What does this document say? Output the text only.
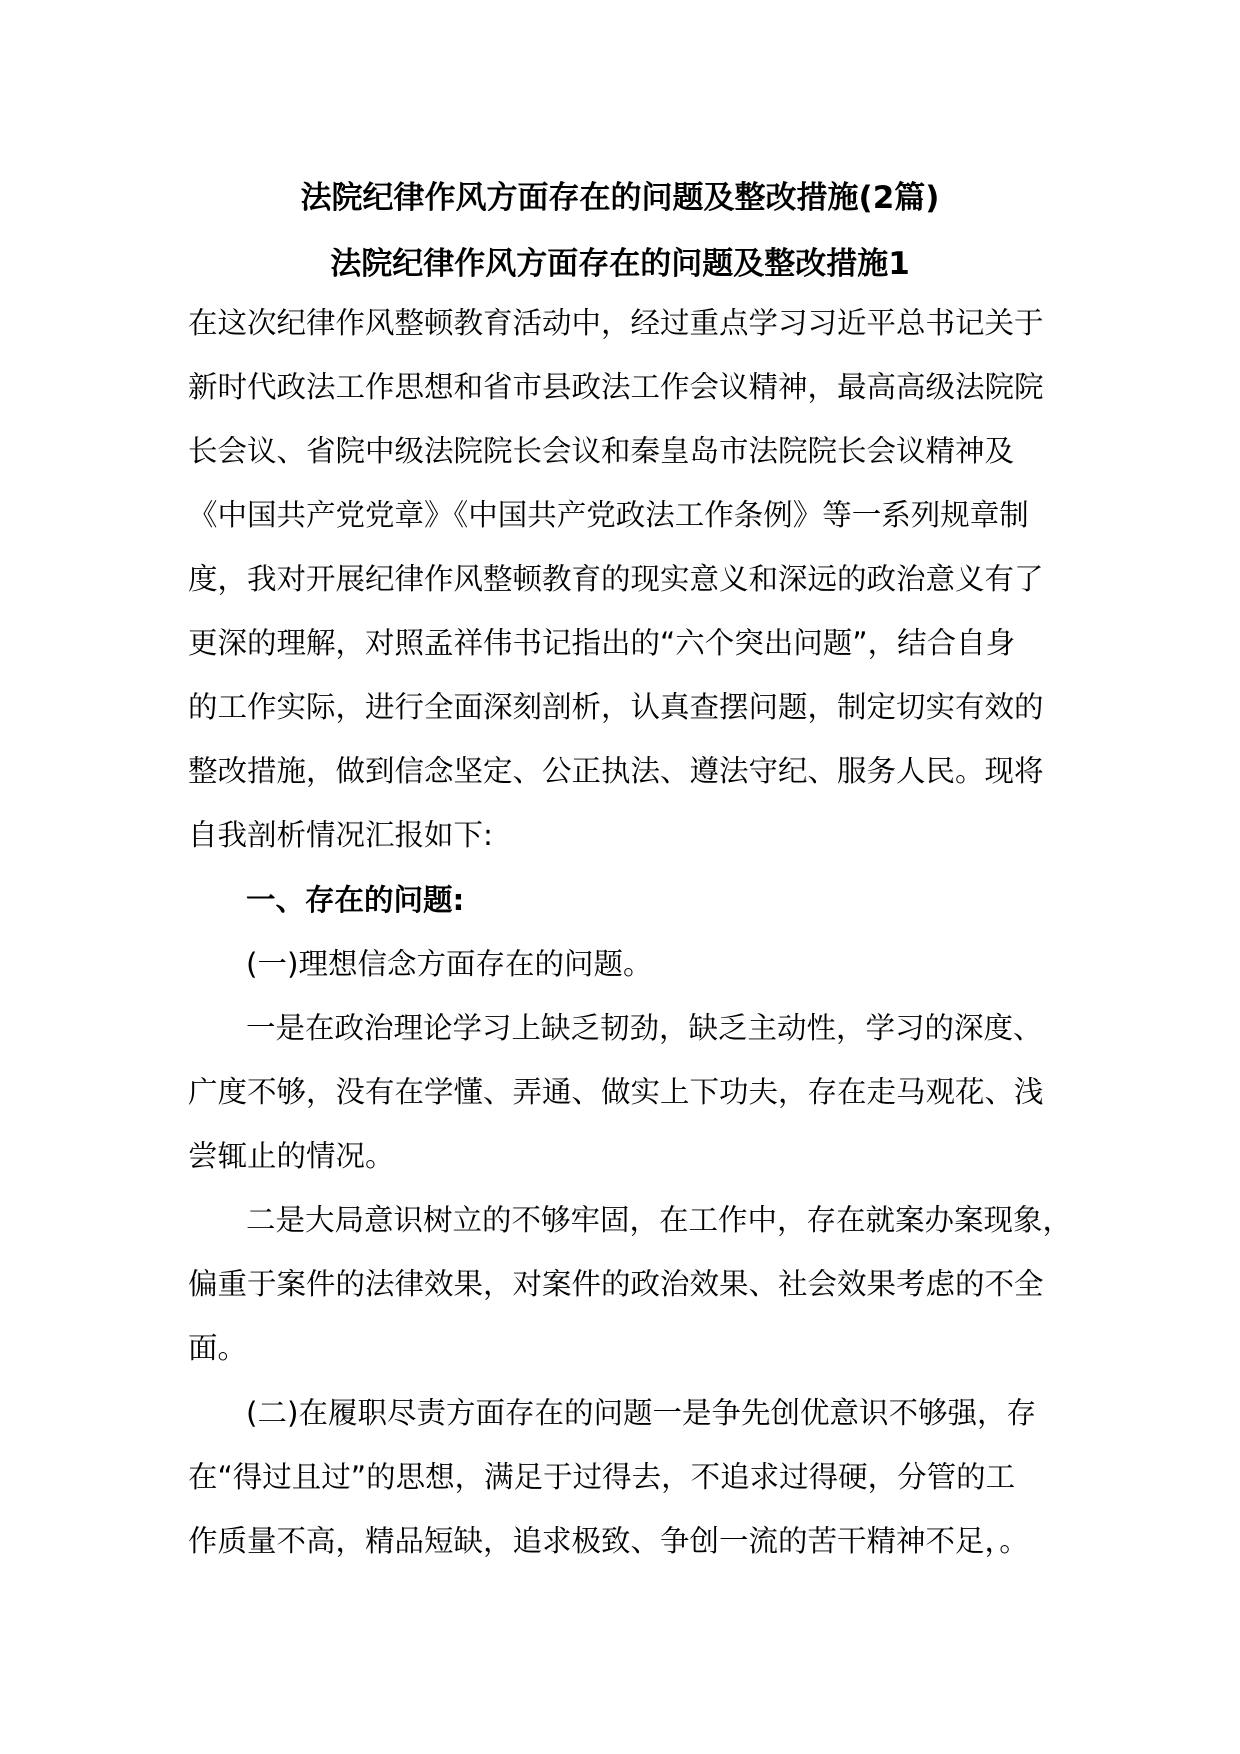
法院纪律作风方面存在的问题及整改措施(2篇)
法院纪律作风方面存在的问题及整改措施1
在这次纪律作风整顿教育活动中，经过重点学习习近平总书记关于
新时代政法工作思想和省市县政法工作会议精神，最高高级法院院
长会议、省院中级法院院长会议和秦皇岛市法院院长会议精神及
《中国共产党党章》《中国共产党政法工作条例》等一系列规章制
度，我对开展纪律作风整顿教育的现实意义和深远的政治意义有了
更深的理解，对照孟祥伟书记指出的“六个突出问题”，结合自身
的工作实际，进行全面深刻剖析，认真查摆问题，制定切实有效的
整改措施，做到信念坚定、公正执法、遵法守纪、服务人民。现将
自我剖析情况汇报如下:
一、存在的问题:
(一)理想信念方面存在的问题。
一是在政治理论学习上缺乏韧劲，缺乏主动性，学习的深度、
广度不够，没有在学懂、弄通、做实上下功夫，存在走马观花、浅
尝辄止的情况。
二是大局意识树立的不够牢固，在工作中，存在就案办案现象，
偏重于案件的法律效果，对案件的政治效果、社会效果考虑的不全
面。
(二)在履职尽责方面存在的问题一是争先创优意识不够强，存
在“得过且过”的思想，满足于过得去，不追求过得硬，分管的工
作质量不高，精品短缺，追求极致、争创一流的苦干精神不足，。
